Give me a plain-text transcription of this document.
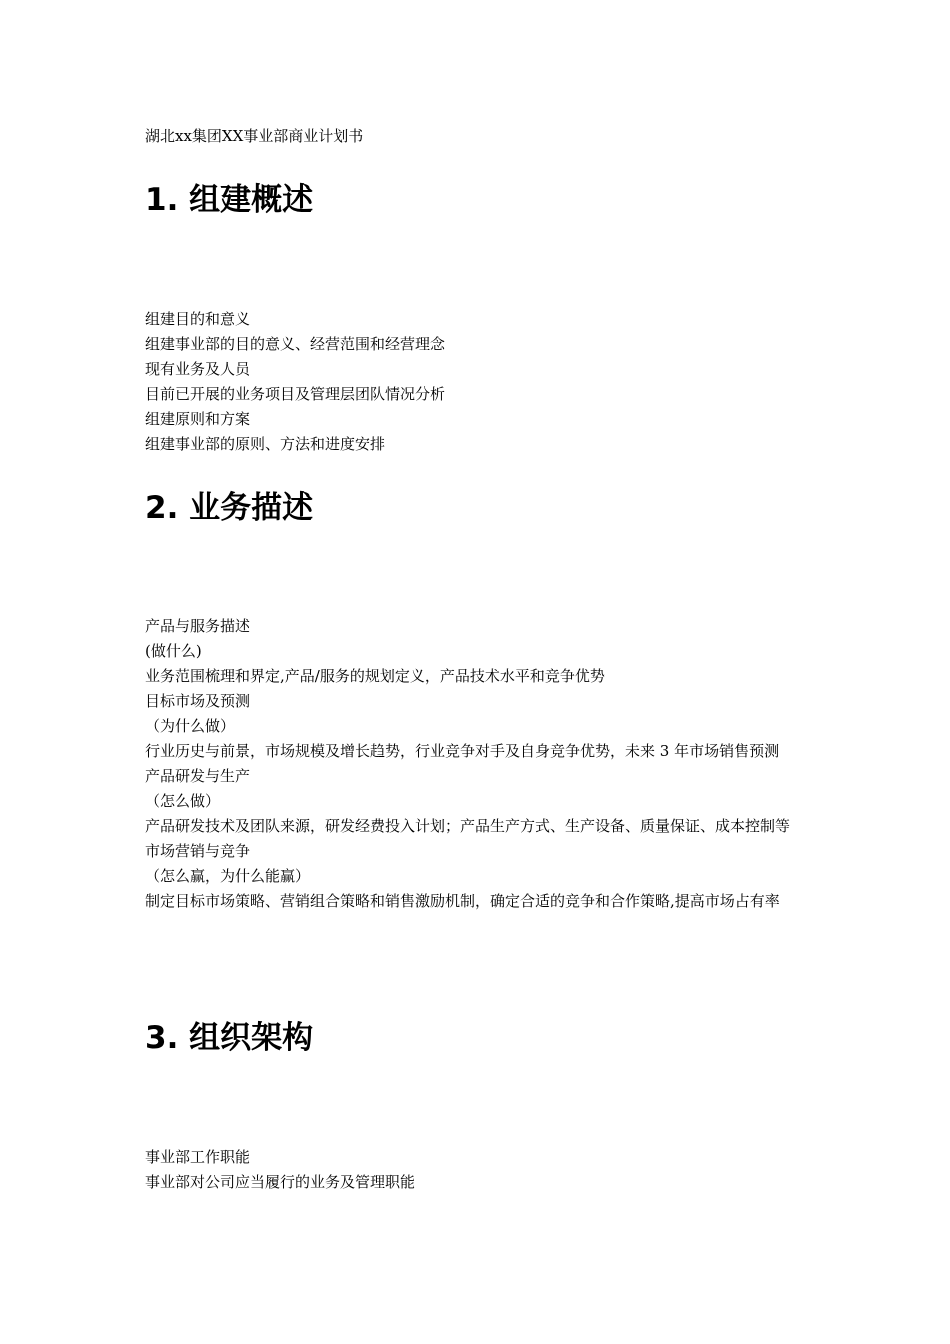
湖北xx集团XX事业部商业计划书
1. 组建概述
组建目的和意义
组建事业部的目的意义、经营范围和经营理念
现有业务及人员
目前已开展的业务项目及管理层团队情况分析
组建原则和方案
组建事业部的原则、方法和进度安排
2. 业务描述
产品与服务描述
(做什么)
业务范围梳理和界定,产品/服务的规划定义，产品技术水平和竞争优势
目标市场及预测
（为什么做）
行业历史与前景，市场规模及增长趋势，行业竞争对手及自身竞争优势，未来 3 年市场销售预测
产品研发与生产
（怎么做）
产品研发技术及团队来源，研发经费投入计划；产品生产方式、生产设备、质量保证、成本控制等
市场营销与竞争
（怎么赢，为什么能赢）
制定目标市场策略、营销组合策略和销售激励机制，确定合适的竞争和合作策略,提高市场占有率
3. 组织架构
事业部工作职能
事业部对公司应当履行的业务及管理职能
